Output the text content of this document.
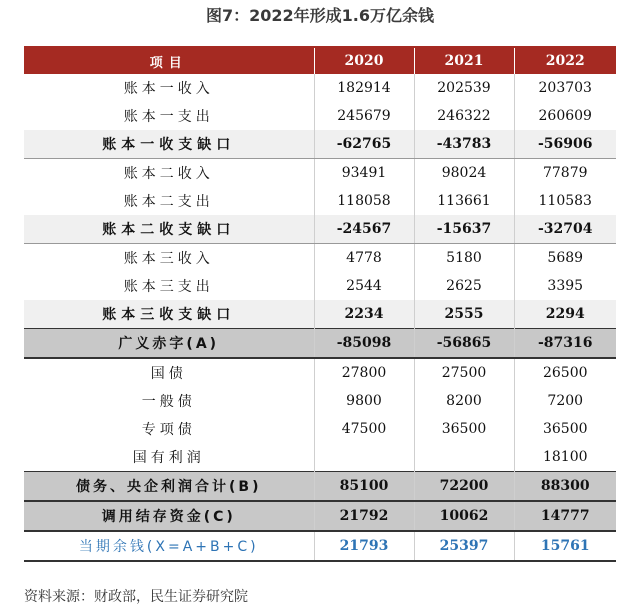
图7：2022年形成1.6万亿余钱
项目	2020	2021	2022
账本一收入	182914	202539	203703
账本一支出	245679	246322	260609
账本一收支缺口	-62765	-43783	-56906
账本二收入	93491	98024	77879
账本二支出	118058	113661	110583
账本二收支缺口	-24567	-15637	-32704
账本三收入	4778	5180	5689
账本三支出	2544	2625	3395
账本三收支缺口	2234	2555	2294
广义赤字(A)	-85098	-56865	-87316
国债	27800	27500	26500
一般债	9800	8200	7200
专项债	47500	36500	36500
国有利润			18100
债务、央企利润合计(B)	85100	72200	88300
调用结存资金(C)	21792	10062	14777
当期余钱(X=A+B+C)	21793	25397	15761
资料来源：财政部，民生证券研究院
